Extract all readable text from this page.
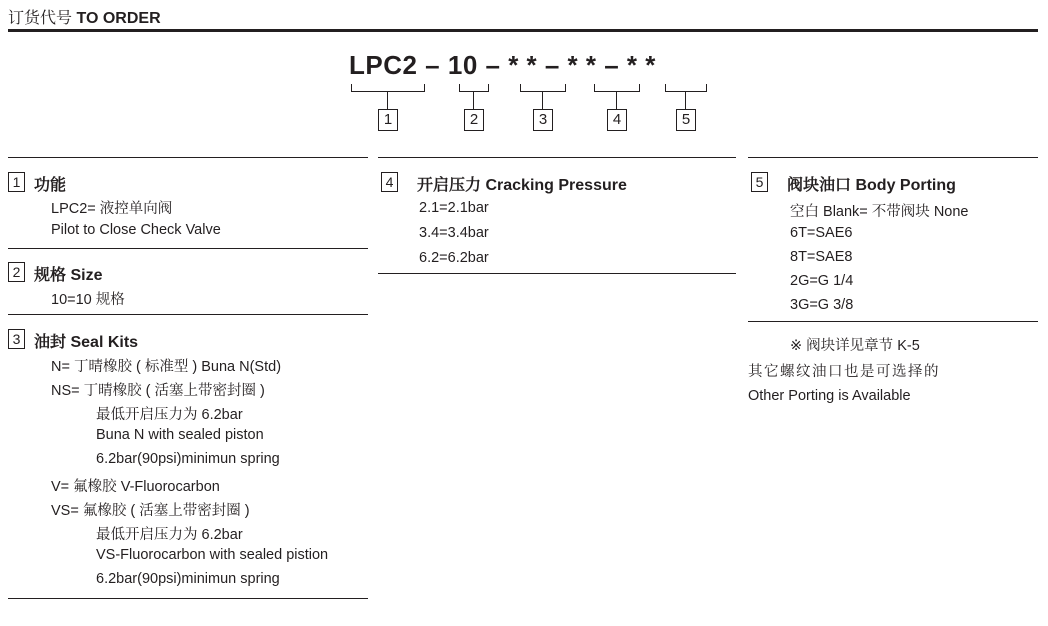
订货代号 TO ORDER
LPC2 – 10 – * * – * * – * *
1	2	3	4	5
1 功能
LPC2= 液控单向阀
Pilot to Close Check Valve
2 规格 Size
10=10 规格
3 油封 Seal Kits
N= 丁晴橡胶 ( 标准型 ) Buna N(Std)
NS= 丁晴橡胶 ( 活塞上带密封圈 )
最低开启压力为 6.2bar
Buna N with sealed piston
6.2bar(90psi)minimun spring
V= 氟橡胶 V-Fluorocarbon
VS= 氟橡胶 ( 活塞上带密封圈 )
最低开启压力为 6.2bar
VS-Fluorocarbon with sealed pistion
6.2bar(90psi)minimun spring
4 开启压力 Cracking Pressure
2.1=2.1bar
3.4=3.4bar
6.2=6.2bar
5 阀块油口 Body Porting
空白 Blank= 不带阀块 None
6T=SAE6
8T=SAE8
2G=G 1/4
3G=G 3/8
※ 阀块详见章节 K-5
其它螺纹油口也是可选择的
Other Porting is Available
